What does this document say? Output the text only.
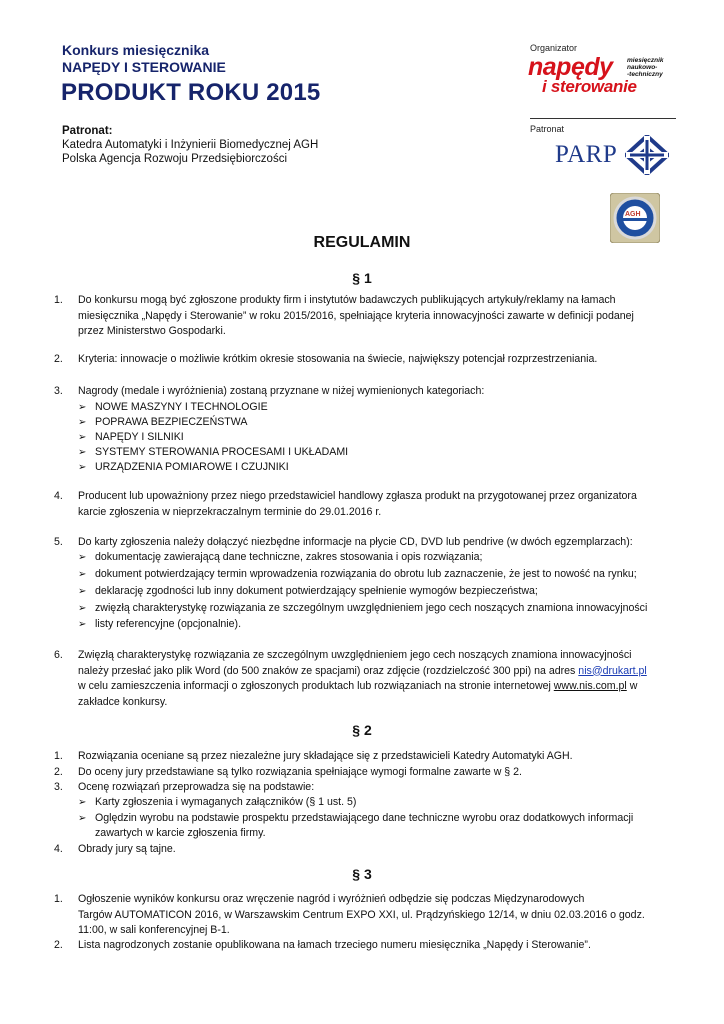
Konkurs miesięcznika
NAPĘDY I STEROWANIE
PRODUKT ROKU 2015
Patronat:
Katedra Automatyki i Inżynierii Biomedycznej AGH
Polska Agencja Rozwoju Przedsiębiorczości
Organizator
napędy
i sterowanie
miesięcznik
naukowo-
-techniczny
Patronat
PARP
AGH
REGULAMIN
§ 1
1. Do konkursu mogą być zgłoszone produkty firm i instytutów badawczych publikujących artykuły/reklamy na łamach
miesięcznika „Napędy i Sterowanie” w roku 2015/2016, spełniające kryteria innowacyjności zawarte w definicji podanej
przez Ministerstwo Gospodarki.
2. Kryteria: innowacje o możliwie krótkim okresie stosowania na świecie, największy potencjał rozprzestrzeniania.
3. Nagrody (medale i wyróżnienia) zostaną przyznane w niżej wymienionych kategoriach:
➢ NOWE MASZYNY I TECHNOLOGIE
➢ POPRAWA BEZPIECZEŃSTWA
➢ NAPĘDY I SILNIKI
➢ SYSTEMY STEROWANIA PROCESAMI I UKŁADAMI
➢ URZĄDZENIA POMIAROWE I CZUJNIKI
4. Producent lub upoważniony przez niego przedstawiciel handlowy zgłasza produkt na przygotowanej przez organizatora
karcie zgłoszenia w nieprzekraczalnym terminie do 29.01.2016 r.
5. Do karty zgłoszenia należy dołączyć niezbędne informacje na płycie CD, DVD lub pendrive (w dwóch egzemplarzach):
➢ dokumentację zawierającą dane techniczne, zakres stosowania i opis rozwiązania;
➢ dokument potwierdzający termin wprowadzenia rozwiązania do obrotu lub zaznaczenie, że jest to nowość na rynku;
➢ deklarację zgodności lub inny dokument potwierdzający spełnienie wymogów bezpieczeństwa;
➢ zwięzłą charakterystykę rozwiązania ze szczególnym uwzględnieniem jego cech noszących znamiona innowacyjności
➢ listy referencyjne (opcjonalnie).
6. Zwięzłą charakterystykę rozwiązania ze szczególnym uwzględnieniem jego cech noszących znamiona innowacyjności
należy przesłać jako plik Word (do 500 znaków ze spacjami) oraz zdjęcie (rozdzielczość 300 ppi) na adres nis@drukart.pl
w celu zamieszczenia informacji o zgłoszonych produktach lub rozwiązaniach na stronie internetowej www.nis.com.pl w
zakładce konkursy.
§ 2
1. Rozwiązania oceniane są przez niezależne jury składające się z przedstawicieli Katedry Automatyki AGH.
2. Do oceny jury przedstawiane są tylko rozwiązania spełniające wymogi formalne zawarte w § 2.
3. Ocenę rozwiązań przeprowadza się na podstawie:
➢ Karty zgłoszenia i wymaganych załączników (§ 1 ust. 5)
➢ Oględzin wyrobu na podstawie prospektu przedstawiającego dane techniczne wyrobu oraz dodatkowych informacji
zawartych w karcie zgłoszenia firmy.
4. Obrady jury są tajne.
§ 3
1. Ogłoszenie wyników konkursu oraz wręczenie nagród i wyróżnień odbędzie się podczas Międzynarodowych
Targów AUTOMATICON 2016, w Warszawskim Centrum EXPO XXI, ul. Prądzyńskiego 12/14, w dniu 02.03.2016 o godz.
11:00, w sali konferencyjnej B-1.
2. Lista nagrodzonych zostanie opublikowana na łamach trzeciego numeru miesięcznika „Napędy i Sterowanie”.
